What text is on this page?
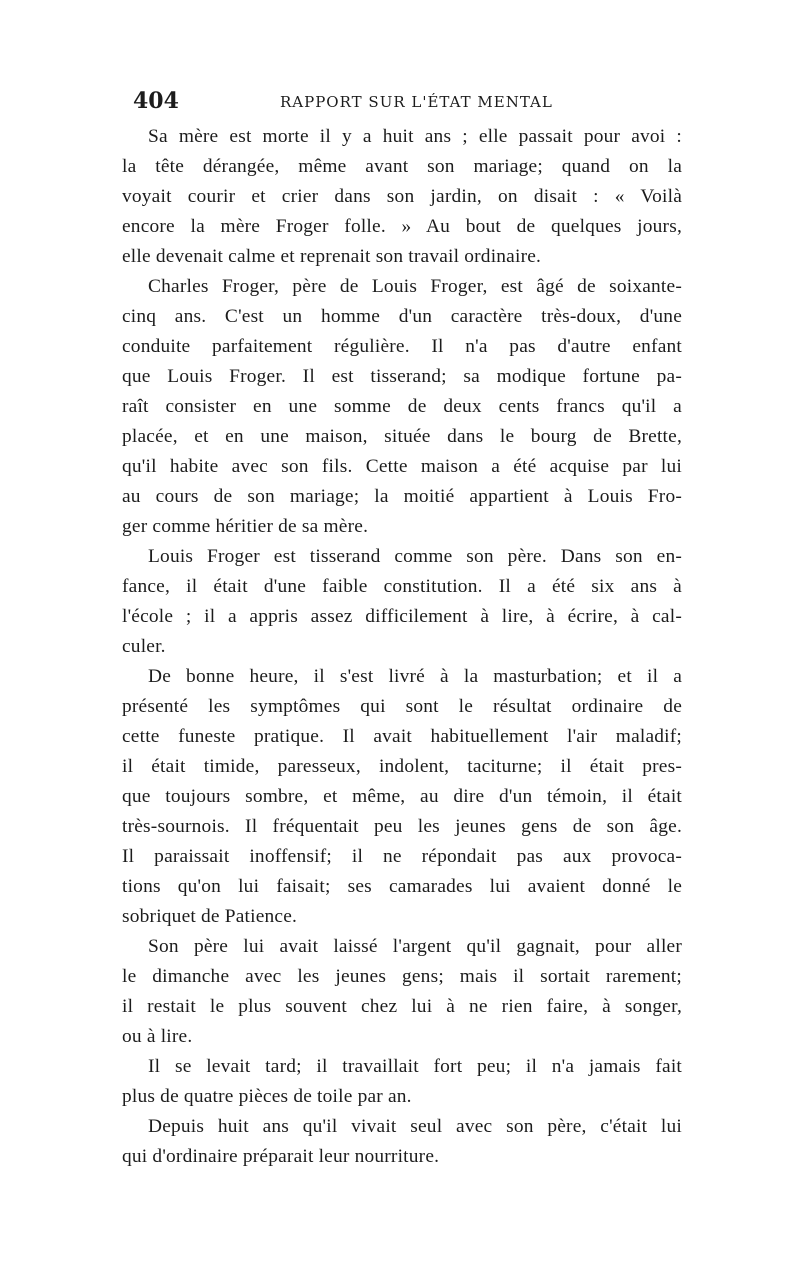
404	RAPPORT SUR L'ÉTAT MENTAL
Sa mère est morte il y a huit ans ; elle passait pour avoi :
la tête dérangée, même avant son mariage; quand on la
voyait courir et crier dans son jardin, on disait : « Voilà
encore la mère Froger folle. » Au bout de quelques jours,
elle devenait calme et reprenait son travail ordinaire.
Charles Froger, père de Louis Froger, est âgé de soixante-
cinq ans. C'est un homme d'un caractère très-doux, d'une
conduite parfaitement régulière. Il n'a pas d'autre enfant
que Louis Froger. Il est tisserand; sa modique fortune pa-
raît consister en une somme de deux cents francs qu'il a
placée, et en une maison, située dans le bourg de Brette,
qu'il habite avec son fils. Cette maison a été acquise par lui
au cours de son mariage; la moitié appartient à Louis Fro-
ger comme héritier de sa mère.
Louis Froger est tisserand comme son père. Dans son en-
fance, il était d'une faible constitution. Il a été six ans à
l'école ; il a appris assez difficilement à lire, à écrire, à cal-
culer.
De bonne heure, il s'est livré à la masturbation; et il a
présenté les symptômes qui sont le résultat ordinaire de
cette funeste pratique. Il avait habituellement l'air maladif;
il était timide, paresseux, indolent, taciturne; il était pres-
que toujours sombre, et même, au dire d'un témoin, il était
très-sournois. Il fréquentait peu les jeunes gens de son âge.
Il paraissait inoffensif; il ne répondait pas aux provoca-
tions qu'on lui faisait; ses camarades lui avaient donné le
sobriquet de Patience.
Son père lui avait laissé l'argent qu'il gagnait, pour aller
le dimanche avec les jeunes gens; mais il sortait rarement;
il restait le plus souvent chez lui à ne rien faire, à songer,
ou à lire.
Il se levait tard; il travaillait fort peu; il n'a jamais fait
plus de quatre pièces de toile par an.
Depuis huit ans qu'il vivait seul avec son père, c'était lui
qui d'ordinaire préparait leur nourriture.
